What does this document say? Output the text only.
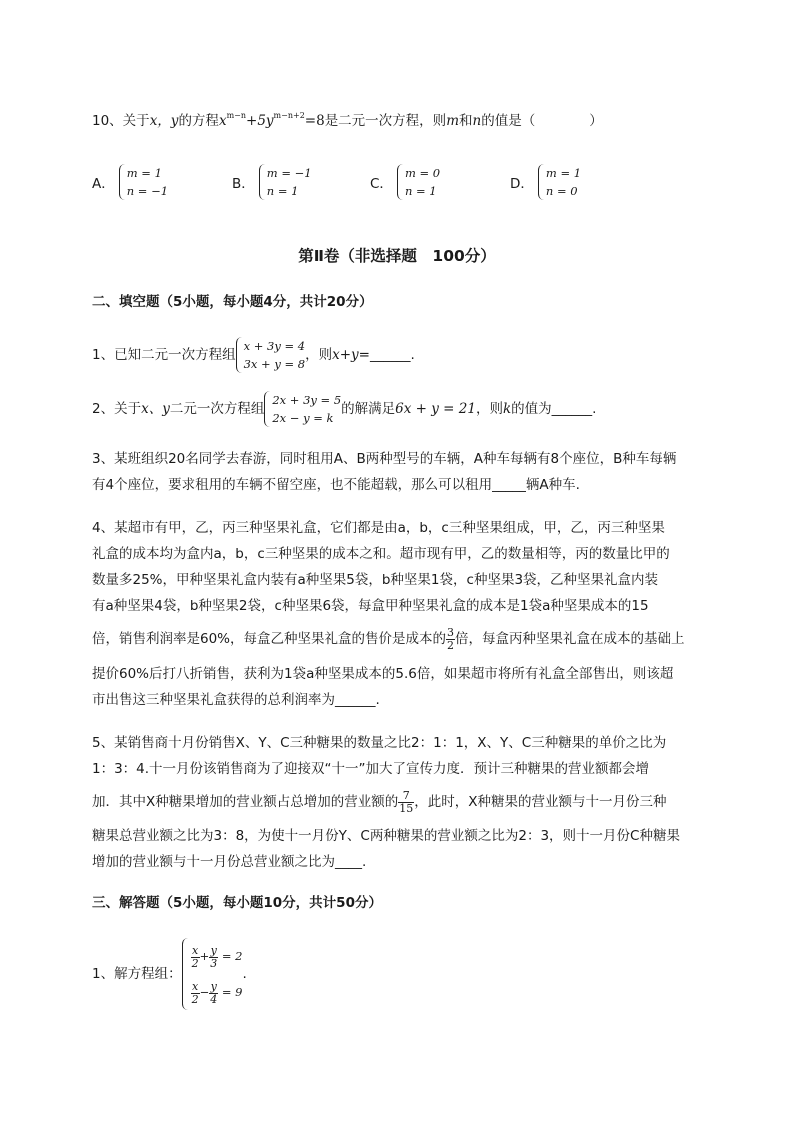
10、关于x，y的方程$x^{m-n}+5y^{m-n+2}=8$是二元一次方程，则m和n的值是（　　　　）
A．
m = 1
n = −1	B．
m = −1
n = 1	C．
m = 0
n = 1	D．
m = 1
n = 0
第Ⅱ卷（非选择题　100分）
二、填空题（5小题，每小题4分，共计20分）
1、已知二元一次方程组
x + 3y = 4
3x + y = 8
，则x+y=______.
2、关于x、y二元一次方程组
2x + 3y = 5
2x − y = k
的解满足6x + y = 21，则k的值为______.
3、某班组织20名同学去春游，同时租用A、B两种型号的车辆，A种车每辆有8个座位，B种车每辆
有4个座位，要求租用的车辆不留空座，也不能超载，那么可以租用_____辆A种车.
4、某超市有甲，乙，丙三种坚果礼盒，它们都是由a，b，c三种坚果组成，甲，乙，丙三种坚果
礼盒的成本均为盒内a，b，c三种坚果的成本之和。超市现有甲，乙的数量相等，丙的数量比甲的
数量多25%，甲种坚果礼盒内装有a种坚果5袋，b种坚果1袋，c种坚果3袋，乙种坚果礼盒内装
有a种坚果4袋，b种坚果2袋，c种坚果6袋，每盒甲种坚果礼盒的成本是1袋a种坚果成本的15
倍，销售利润率是60%，每盒乙种坚果礼盒的售价是成本的 $\frac{3}{2}$ 倍，每盒丙种坚果礼盒在成本的基础上
提价60%后打八折销售，获利为1袋a种坚果成本的5.6倍，如果超市将所有礼盒全部售出，则该超
市出售这三种坚果礼盒获得的总利润率为______.
5、某销售商十月份销售X、Y、C三种糖果的数量之比2：1：1，X、Y、C三种糖果的单价之比为
1：3：4.十一月份该销售商为了迎接双“十一”加大了宣传力度．预计三种糖果的营业额都会增
加．其中X种糖果增加的营业额占总增加的营业额的 $\frac{7}{15}$ ，此时，X种糖果的营业额与十一月份三种
糖果总营业额之比为3：8，为使十一月份Y、C两种糖果的营业额之比为2：3，则十一月份C种糖果
增加的营业额与十一月份总营业额之比为____.
三、解答题（5小题，每小题10分，共计50分）
1、解方程组：
$\frac{x}{2} + \frac{y}{3} = 2$
$\frac{x}{2} - \frac{y}{4} = 9$
.
